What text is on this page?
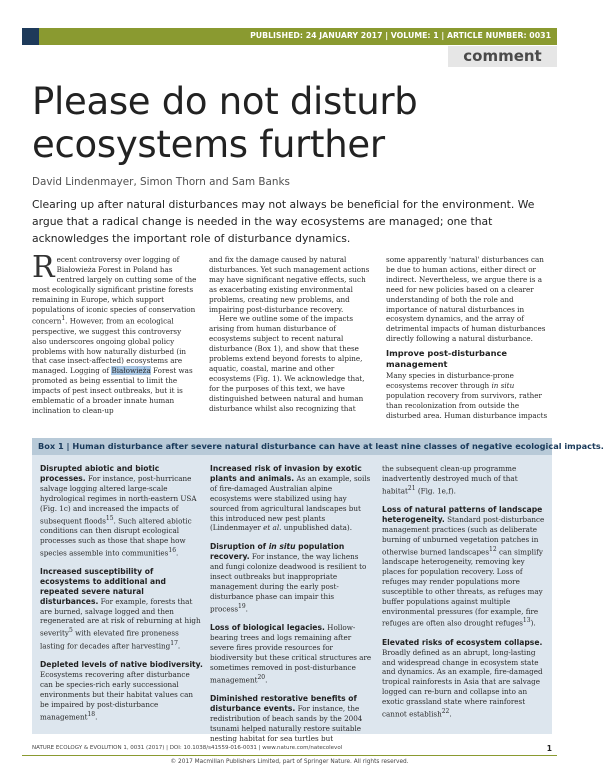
PUBLISHED: 24 JANUARY 2017 | VOLUME: 1 | ARTICLE NUMBER: 0031
comment
Please do not disturb
ecosystems further
David Lindenmayer, Simon Thorn and Sam Banks

Clearing up after natural disturbances may not always be beneficial for the environment. We argue that a radical change is needed in the way ecosystems are managed; one that acknowledges the important role of disturbance dynamics.

Recent controversy over logging of Białowieża Forest in Poland has centred largely on cutting some of the most ecologically significant pristine forests remaining in Europe, which support populations of iconic species of conservation concern$^1$. However, from an ecological perspective, we suggest this controversy also underscores ongoing global policy problems with how naturally disturbed (in that case insect-affected) ecosystems are managed. Logging of Białowieża Forest was promoted as being essential to limit the impacts of pest insect outbreaks, but it is emblematic of a broader innate human inclination to clean-up

and fix the damage caused by natural disturbances. Yet such management actions may have significant negative effects, such as exacerbating existing environmental problems, creating new problems, and impairing post-disturbance recovery.

Here we outline some of the impacts arising from human disturbance of ecosystems subject to recent natural disturbance (Box 1), and show that these problems extend beyond forests to alpine, aquatic, coastal, marine and other ecosystems (Fig. 1). We acknowledge that, for the purposes of this text, we have distinguished between natural and human disturbance whilst also recognizing that

some apparently 'natural' disturbances can be due to human actions, either direct or indirect. Nevertheless, we argue there is a need for new policies based on a clearer understanding of both the role and importance of natural disturbances in ecosystem dynamics, and the array of detrimental impacts of human disturbances directly following a natural disturbance.

Improve post-disturbance management

Many species in disturbance-prone ecosystems recover through in situ population recovery from survivors, rather than recolonization from outside the disturbed area. Human disturbance impacts

Box 1 | Human disturbance after severe natural disturbance can have at least nine classes of negative ecological impacts.
Disrupted abiotic and biotic processes. For instance, post-hurricane salvage logging altered large-scale hydrological regimes in north-eastern USA (Fig. 1c) and increased the impacts of subsequent floods$^{15}$. Such altered abiotic conditions can then disrupt ecological processes such as those that shape how species assemble into communities$^{16}$.
Increased susceptibility of ecosystems to additional and repeated severe natural disturbances. For example, forests that are burned, salvage logged and then regenerated are at risk of reburning at high severity$^5$ with elevated fire proneness lasting for decades after harvesting$^{17}$.
Depleted levels of native biodiversity. Ecosystems recovering after disturbance can be species-rich early successional environments but their habitat values can be impaired by post-disturbance management$^{18}$.
Increased risk of invasion by exotic plants and animals. As an example, soils of fire-damaged Australian alpine ecosystems were stabilized using hay sourced from agricultural landscapes but this introduced new pest plants (Lindenmayer et al. unpublished data).
Disruption of in situ population recovery. For instance, the way lichens and fungi colonize deadwood is resilient to insect outbreaks but inappropriate management during the early post-disturbance phase can impair this process$^{19}$.
Loss of biological legacies. Hollow-bearing trees and logs remaining after severe fires provide resources for biodiversity but these critical structures are sometimes removed in post-disturbance management$^{20}$.
Diminished restorative benefits of disturbance events. For instance, the redistribution of beach sands by the 2004 tsunami helped naturally restore suitable nesting habitat for sea turtles but
the subsequent clean-up programme inadvertently destroyed much of that habitat$^{21}$ (Fig. 1e,f).
Loss of natural patterns of landscape heterogeneity. Standard post-disturbance management practices (such as deliberate burning of unburned vegetation patches in otherwise burned landscapes$^{12}$ can simplify landscape heterogeneity, removing key places for population recovery. Loss of refuges may render populations more susceptible to other threats, as refuges may buffer populations against multiple environmental pressures (for example, fire refuges are often also drought refuges$^{13}$).
Elevated risks of ecosystem collapse. Broadly defined as an abrupt, long-lasting and widespread change in ecosystem state and dynamics. As an example, fire-damaged tropical rainforests in Asia that are salvage logged can re-burn and collapse into an exotic grassland state where rainforest cannot establish$^{22}$.
NATURE ECOLOGY & EVOLUTION 1, 0031 (2017) | DOI: 10.1038/s41559-016-0031 | www.nature.com/natecolevol	1
© 2017 Macmillan Publishers Limited, part of Springer Nature. All rights reserved.
